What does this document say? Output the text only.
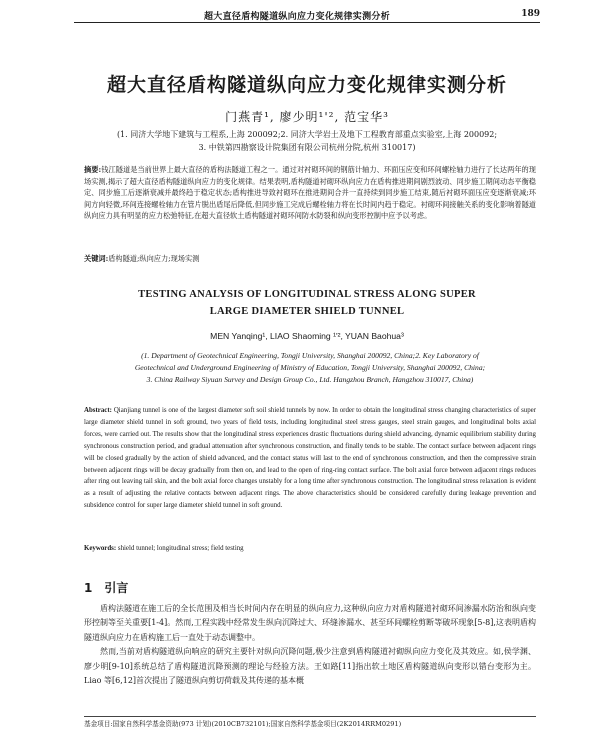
超大直径盾构隧道纵向应力变化规律实测分析	189
超大直径盾构隧道纵向应力变化规律实测分析
门燕青¹, 廖少明¹'², 范宝华³
(1. 同济大学地下建筑与工程系,上海 200092;2. 同济大学岩土及地下工程教育部重点实验室,上海 200092;
3. 中铁第四勘察设计院集团有限公司杭州分院,杭州 310017)
摘要:钱江隧道是当前世界上最大直径的盾构法隧道工程之一。通过对衬砌环间的钢筋计轴力、环面压应变和环间螺栓轴力进行了长达两年的现场实测,揭示了超大直径盾构隧道纵向应力的变化规律。结果表明,盾构隧道衬砌环纵向应力在盾构推进期间剧烈波动、同步施工期间动态平衡稳定、同步施工后逐渐衰减并最终趋于稳定状态;盾构推进导致衬砌环在推进期间合并一直持续到同步施工结束,随后衬砌环面压应变逐渐衰减;环间方向轻微,环间连接螺栓轴力在管片脱出盾尾后降低,但同步施工完成后螺栓轴力将在长时间内趋于稳定。衬砌环间接触关系的变化影响着隧道纵向应力具有明显的应力松弛特征,在超大直径软土盾构隧道衬砌环间防水防裂和纵向变形控制中应予以考虑。
关键词:盾构隧道;纵向应力;现场实测
TESTING ANALYSIS OF LONGITUDINAL STRESS ALONG SUPER
LARGE DIAMETER SHIELD TUNNEL
MEN Yanqing¹, LIAO Shaoming ¹'², YUAN Baohua³
(1. Department of Geotechnical Engineering, Tongji University, Shanghai 200092, China;2. Key Laboratory of
Geotechnical and Underground Engineering of Ministry of Education, Tongji University, Shanghai 200092, China;
3. China Railway Siyuan Survey and Design Group Co., Ltd. Hangzhou Branch, Hangzhou 310017, China)
Abstract: Qianjiang tunnel is one of the largest diameter soft soil shield tunnels by now. In order to obtain the longitudinal stress changing characteristics of super large diameter shield tunnel in soft ground, two years of field tests, including longitudinal steel stress gauges, steel strain gauges, and longitudinal bolts axial forces, were carried out. The results show that the longitudinal stress experiences drastic fluctuations during shield advancing, dynamic equilibrium stability during synchronous construction period, and gradual attenuation after synchronous construction, and finally tends to be stable. The contact surface between adjacent rings will be closed gradually by the action of shield advanced, and the contact status will last to the end of synchronous construction, and then the compressive strain between adjacent rings will be decay gradually from then on, and lead to the open of ring-ring contact surface. The bolt axial force between adjacent rings reduces after ring out leaving tail skin, and the bolt axial force changes unstably for a long time after synchronous construction. The longitudinal stress relaxation is evident as a result of adjusting the relative contacts between adjacent rings. The above characteristics should be considered carefully during leakage prevention and subsidence control for super large diameter shield tunnel in soft ground.
Keywords: shield tunnel; longitudinal stress; field testing
1 引言

盾构法隧道在施工后的全长范围及相当长时间内存在明显的纵向应力,这种纵向应力对盾构隧道衬砌环间渗漏水防治和纵向变形控制等至关重要[1-4]。然而,工程实践中经常发生纵向沉降过大、环缝渗漏水、甚至环间螺栓剪断等破坏现象[5-8],这表明盾构隧道纵向应力在盾构施工后一直处于动态调整中。

然而,当前对盾构隧道纵向响应的研究主要针对纵向沉降问题,极少注意到盾构隧道衬砌纵向应力变化及其效应。如,侯学渊、廖少明[9-10]系统总结了盾构隧道沉降预测的理论与经验方法。王如路[11]指出软土地区盾构隧道纵向变形以错台变形为主。Liao 等[6,12]首次提出了隧道纵向剪切荷载及其传递的基本概

基金项目:国家自然科学基金资助(973 计划)(2010CB732101);国家自然科学基金项目(2K2014RRM0291)
